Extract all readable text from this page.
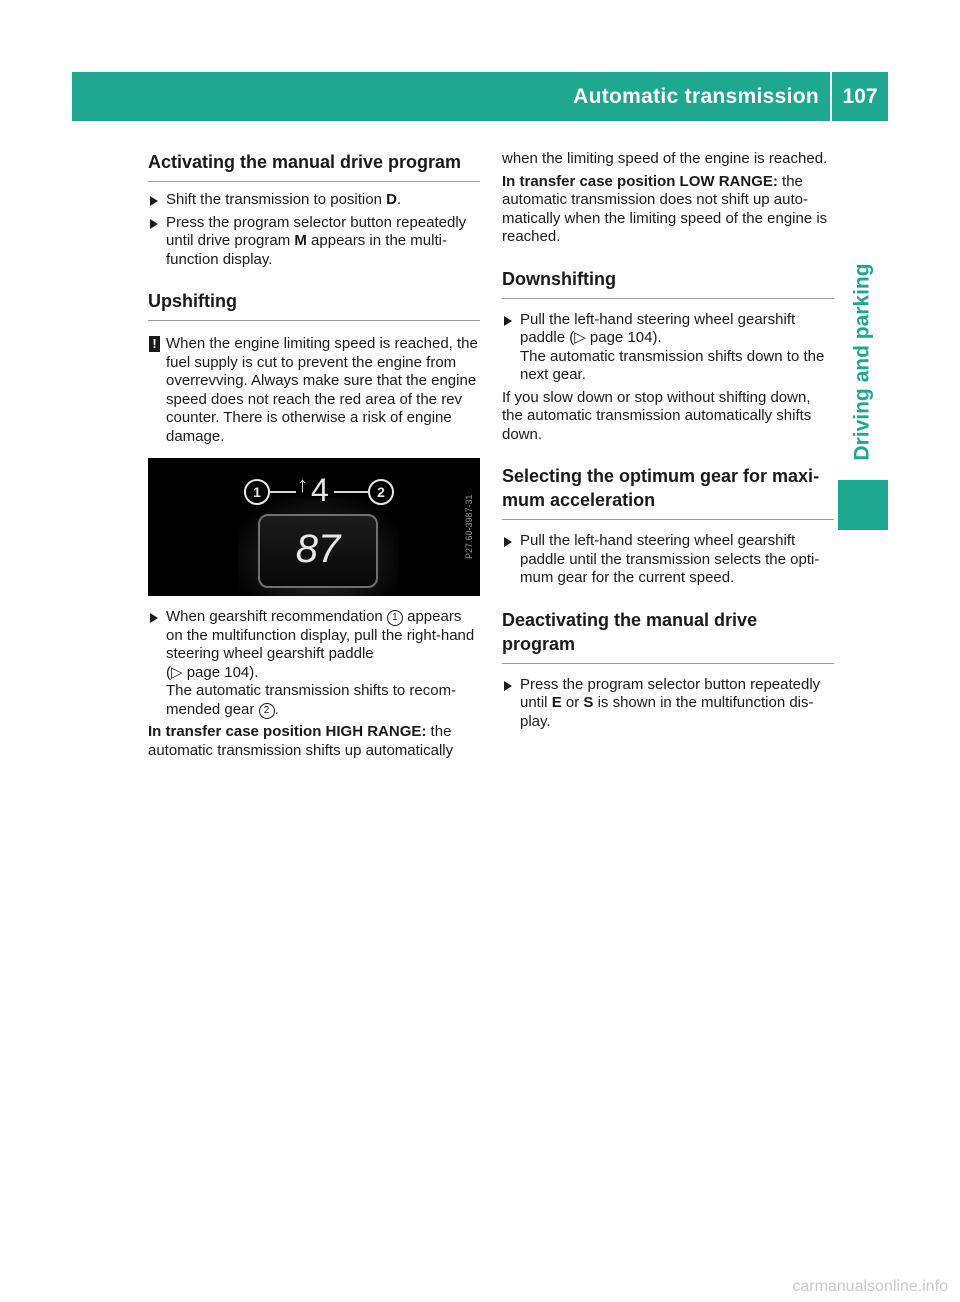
Automatic transmission	107
Driving and parking
Activating the manual drive program
Shift the transmission to position D.
Press the program selector button repeatedly until drive program M appears in the multi-function display.
Upshifting
! When the engine limiting speed is reached, the fuel supply is cut to prevent the engine from overrevving. Always make sure that the engine speed does not reach the red area of the rev counter. There is otherwise a risk of engine damage.
1	↑ 4	2
87	P27.60-3987-31
When gearshift recommendation 1 appears on the multifunction display, pull the right-hand steering wheel gearshift paddle
(▷ page 104).
The automatic transmission shifts to recom-mended gear 2 .
In transfer case position HIGH RANGE: the automatic transmission shifts up automatically
when the limiting speed of the engine is reached.
In transfer case position LOW RANGE: the automatic transmission does not shift up auto-matically when the limiting speed of the engine is reached.
Downshifting
Pull the left-hand steering wheel gearshift paddle (▷ page 104).
The automatic transmission shifts down to the next gear.
If you slow down or stop without shifting down, the automatic transmission automatically shifts down.
Selecting the optimum gear for maxi-mum acceleration
Pull the left-hand steering wheel gearshift paddle until the transmission selects the opti-mum gear for the current speed.
Deactivating the manual drive program
Press the program selector button repeatedly until E or S is shown in the multifunction dis-play.
carmanualsonline.info
